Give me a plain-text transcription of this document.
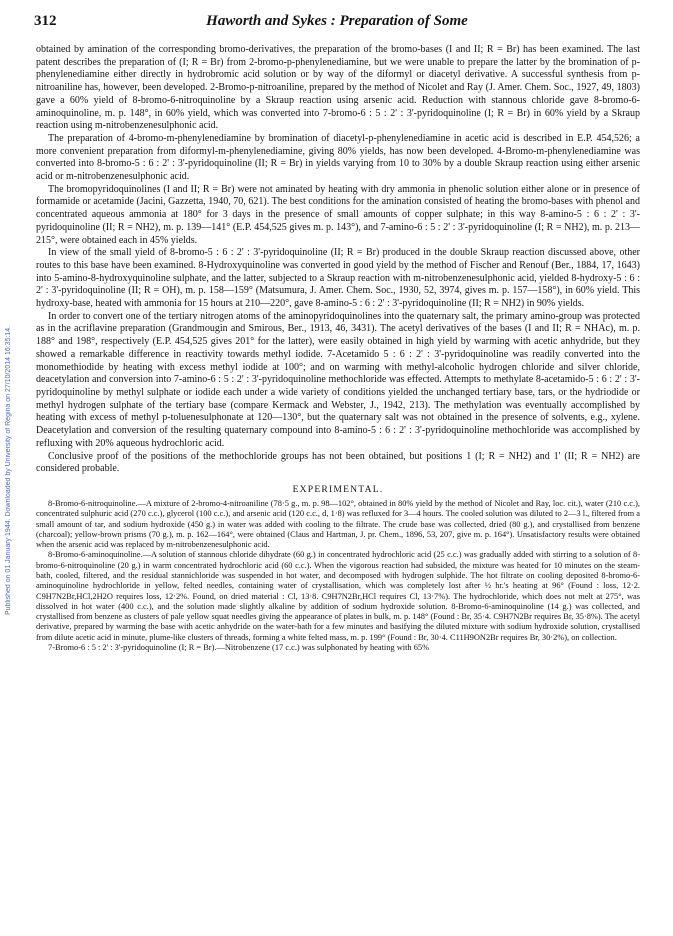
Published on 01 January 1944. Downloaded by University of Regina on 27/10/2014 16:35:14.
312	Haworth and Sykes : Preparation of Some

obtained by amination of the corresponding bromo-derivatives, the preparation of the bromo-bases (I and II; R = Br) has been examined. The last patent describes the preparation of (I; R = Br) from 2-bromo-p-phenylenediamine, but we were unable to prepare the latter by the bromination of p-phenylenediamine either directly in hydrobromic acid solution or by way of the diformyl or diacetyl derivative. A successful synthesis from p-nitroaniline has, however, been developed. 2-Bromo-p-nitroaniline, prepared by the method of Nicolet and Ray (J. Amer. Chem. Soc., 1927, 49, 1803) gave a 60% yield of 8-bromo-6-nitroquinoline by a Skraup reaction using arsenic acid. Reduction with stannous chloride gave 8-bromo-6-aminoquinoline, m. p. 148°, in 60% yield, which was converted into 7-bromo-6 : 5 : 2' : 3'-pyridoquinoline (I; R = Br) in 60% yield by a Skraup reaction using m-nitrobenzenesulphonic acid.

The preparation of 4-bromo-m-phenylenediamine by bromination of diacetyl-p-phenylenediamine in acetic acid is described in E.P. 454,526; a more convenient preparation from diformyl-m-phenylenediamine, giving 80% yields, has now been developed. 4-Bromo-m-phenylenediamine was converted into 8-bromo-5 : 6 : 2' : 3'-pyridoquinoline (II; R = Br) in yields varying from 10 to 30% by a double Skraup reaction using either arsenic acid or m-nitrobenzenesulphonic acid.

The bromopyridoquinolines (I and II; R = Br) were not aminated by heating with dry ammonia in phenolic solution either alone or in presence of formamide or acetamide (Jacini, Gazzetta, 1940, 70, 621). The best conditions for the amination consisted of heating the bromo-bases with phenol and concentrated aqueous ammonia at 180° for 3 days in the presence of small amounts of copper sulphate; in this way 8-amino-5 : 6 : 2' : 3'-pyridoquinoline (II; R = NH2), m. p. 139—141° (E.P. 454,525 gives m. p. 143°), and 7-amino-6 : 5 : 2' : 3'-pyridoquinoline (I; R = NH2), m. p. 213—215°, were obtained each in 45% yields.

In view of the small yield of 8-bromo-5 : 6 : 2' : 3'-pyridoquinoline (II; R = Br) produced in the double Skraup reaction discussed above, other routes to this base have been examined. 8-Hydroxyquinoline was converted in good yield by the method of Fischer and Renouf (Ber., 1884, 17, 1643) into 5-amino-8-hydroxyquinoline sulphate, and the latter, subjected to a Skraup reaction with m-nitrobenzenesulphonic acid, yielded 8-hydroxy-5 : 6 : 2' : 3'-pyridoquinoline (II; R = OH), m. p. 158—159° (Matsumura, J. Amer. Chem. Soc., 1930, 52, 3974, gives m. p. 157—158°), in 60% yield. This hydroxy-base, heated with ammonia for 15 hours at 210—220°, gave 8-amino-5 : 6 : 2' : 3'-pyridoquinoline (II; R = NH2) in 90% yields.

In order to convert one of the tertiary nitrogen atoms of the aminopyridoquinolines into the quaternary salt, the primary amino-group was protected as in the acriflavine preparation (Grandmougin and Smirous, Ber., 1913, 46, 3431). The acetyl derivatives of the bases (I and II; R = NHAc), m. p. 188° and 198°, respectively (E.P. 454,525 gives 201° for the latter), were easily obtained in high yield by warming with acetic anhydride, but they showed a remarkable difference in reactivity towards methyl iodide. 7-Acetamido 5 : 6 : 2' : 3'-pyridoquinoline was readily converted into the monomethiodide by heating with excess methyl iodide at 100°; and on warming with methyl-alcoholic hydrogen chloride and silver chloride, deacetylation and conversion into 7-amino-6 : 5 : 2' : 3'-pyridoquinoline methochloride was effected. Attempts to methylate 8-acetamido-5 : 6 : 2' : 3'-pyridoquinoline by methyl sulphate or iodide each under a wide variety of conditions yielded the unchanged tertiary base, tars, or the hydriodide or methyl hydrogen sulphate of the tertiary base (compare Kermack and Webster, J., 1942, 213). The methylation was eventually accomplished by heating with excess of methyl p-toluenesulphonate at 120—130°, but the quaternary salt was not obtained in the presence of solvents, e.g., xylene. Deacetylation and conversion of the resulting quaternary compound into 8-amino-5 : 6 : 2' : 3'-pyridoquinoline methochloride was accomplished by refluxing with 20% aqueous hydrochloric acid.

Conclusive proof of the positions of the methochloride groups has not been obtained, but positions 1 (I; R = NH2) and 1' (II; R = NH2) are considered probable.

EXPERIMENTAL.

8-Bromo-6-nitroquinoline.—A mixture of 2-bromo-4-nitroaniline (78·5 g., m. p. 98—102°, obtained in 80% yield by the method of Nicolet and Ray, loc. cit.), water (210 c.c.), concentrated sulphuric acid (270 c.c.), glycerol (100 c.c.), and arsenic acid (120 c.c., d, 1·8) was refluxed for 3—4 hours. The cooled solution was diluted to 2—3 l., filtered from a small amount of tar, and sodium hydroxide (450 g.) in water was added with cooling to the filtrate. The crude base was collected, dried (80 g.), and crystallised from benzene (charcoal); yellow-brown prisms (70 g.), m. p. 162—164°, were obtained (Claus and Hartman, J. pr. Chem., 1896, 53, 207, give m. p. 164°). Unsatisfactory results were obtained when the arsenic acid was replaced by m-nitrobenzenesulphonic acid.

8-Bromo-6-aminoquinoline.—A solution of stannous chloride dihydrate (60 g.) in concentrated hydrochloric acid (25 c.c.) was gradually added with stirring to a solution of 8-bromo-6-nitroquinoline (20 g.) in warm concentrated hydrochloric acid (60 c.c.). When the vigorous reaction had subsided, the mixture was heated for 10 minutes on the steam-bath, cooled, filtered, and the residual stannichloride was suspended in hot water, and decomposed with hydrogen sulphide. The hot filtrate on cooling deposited 8-bromo-6-aminoquinoline hydrochloride in yellow, felted needles, containing water of crystallisation, which was completely lost after ½ hr.'s heating at 96° (Found : loss, 12·2. C9H7N2Br,HCl,2H2O requires loss, 12·2%. Found, on dried material : Cl, 13·8. C9H7N2Br,HCl requires Cl, 13·7%). The hydrochloride, which does not melt at 275°, was dissolved in hot water (400 c.c.), and the solution made slightly alkaline by addition of sodium hydroxide solution. 8-Bromo-6-aminoquinoline (14 g.) was collected, and crystallised from benzene as clusters of pale yellow squat needles giving the appearance of plates in bulk, m. p. 148° (Found : Br, 35·4. C9H7N2Br requires Br, 35·8%). The acetyl derivative, prepared by warming the base with acetic anhydride on the water-bath for a few minutes and basifying the diluted mixture with sodium hydroxide solution, crystallised from dilute acetic acid in minute, plume-like clusters of threads, forming a white felted mass, m. p. 199° (Found : Br, 30·4. C11H9ON2Br requires Br, 30·2%), on collection.

7-Bromo-6 : 5 : 2' : 3'-pyridoquinoline (I; R = Br).—Nitrobenzene (17 c.c.) was sulphonated by heating with 65%
